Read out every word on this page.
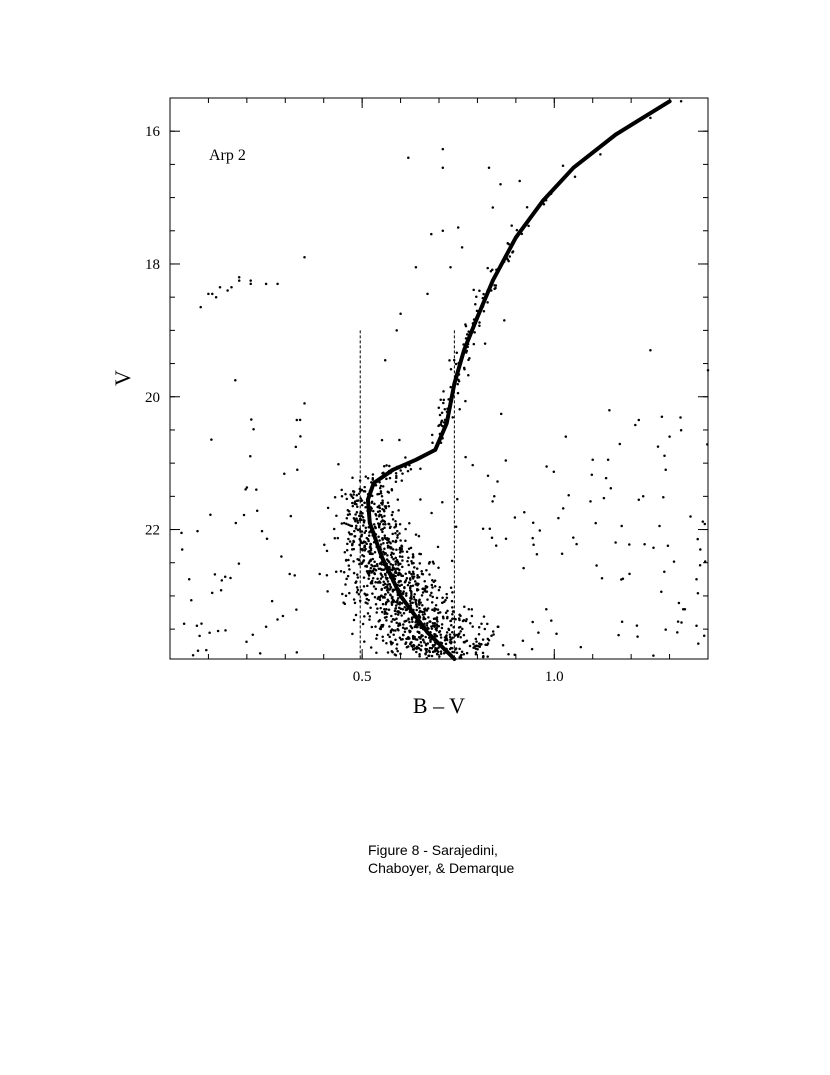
0.5	1.0
16
18
20
22
Arp 2
B – V
V
Figure 8 - Sarajedini,
Chaboyer, & Demarque
